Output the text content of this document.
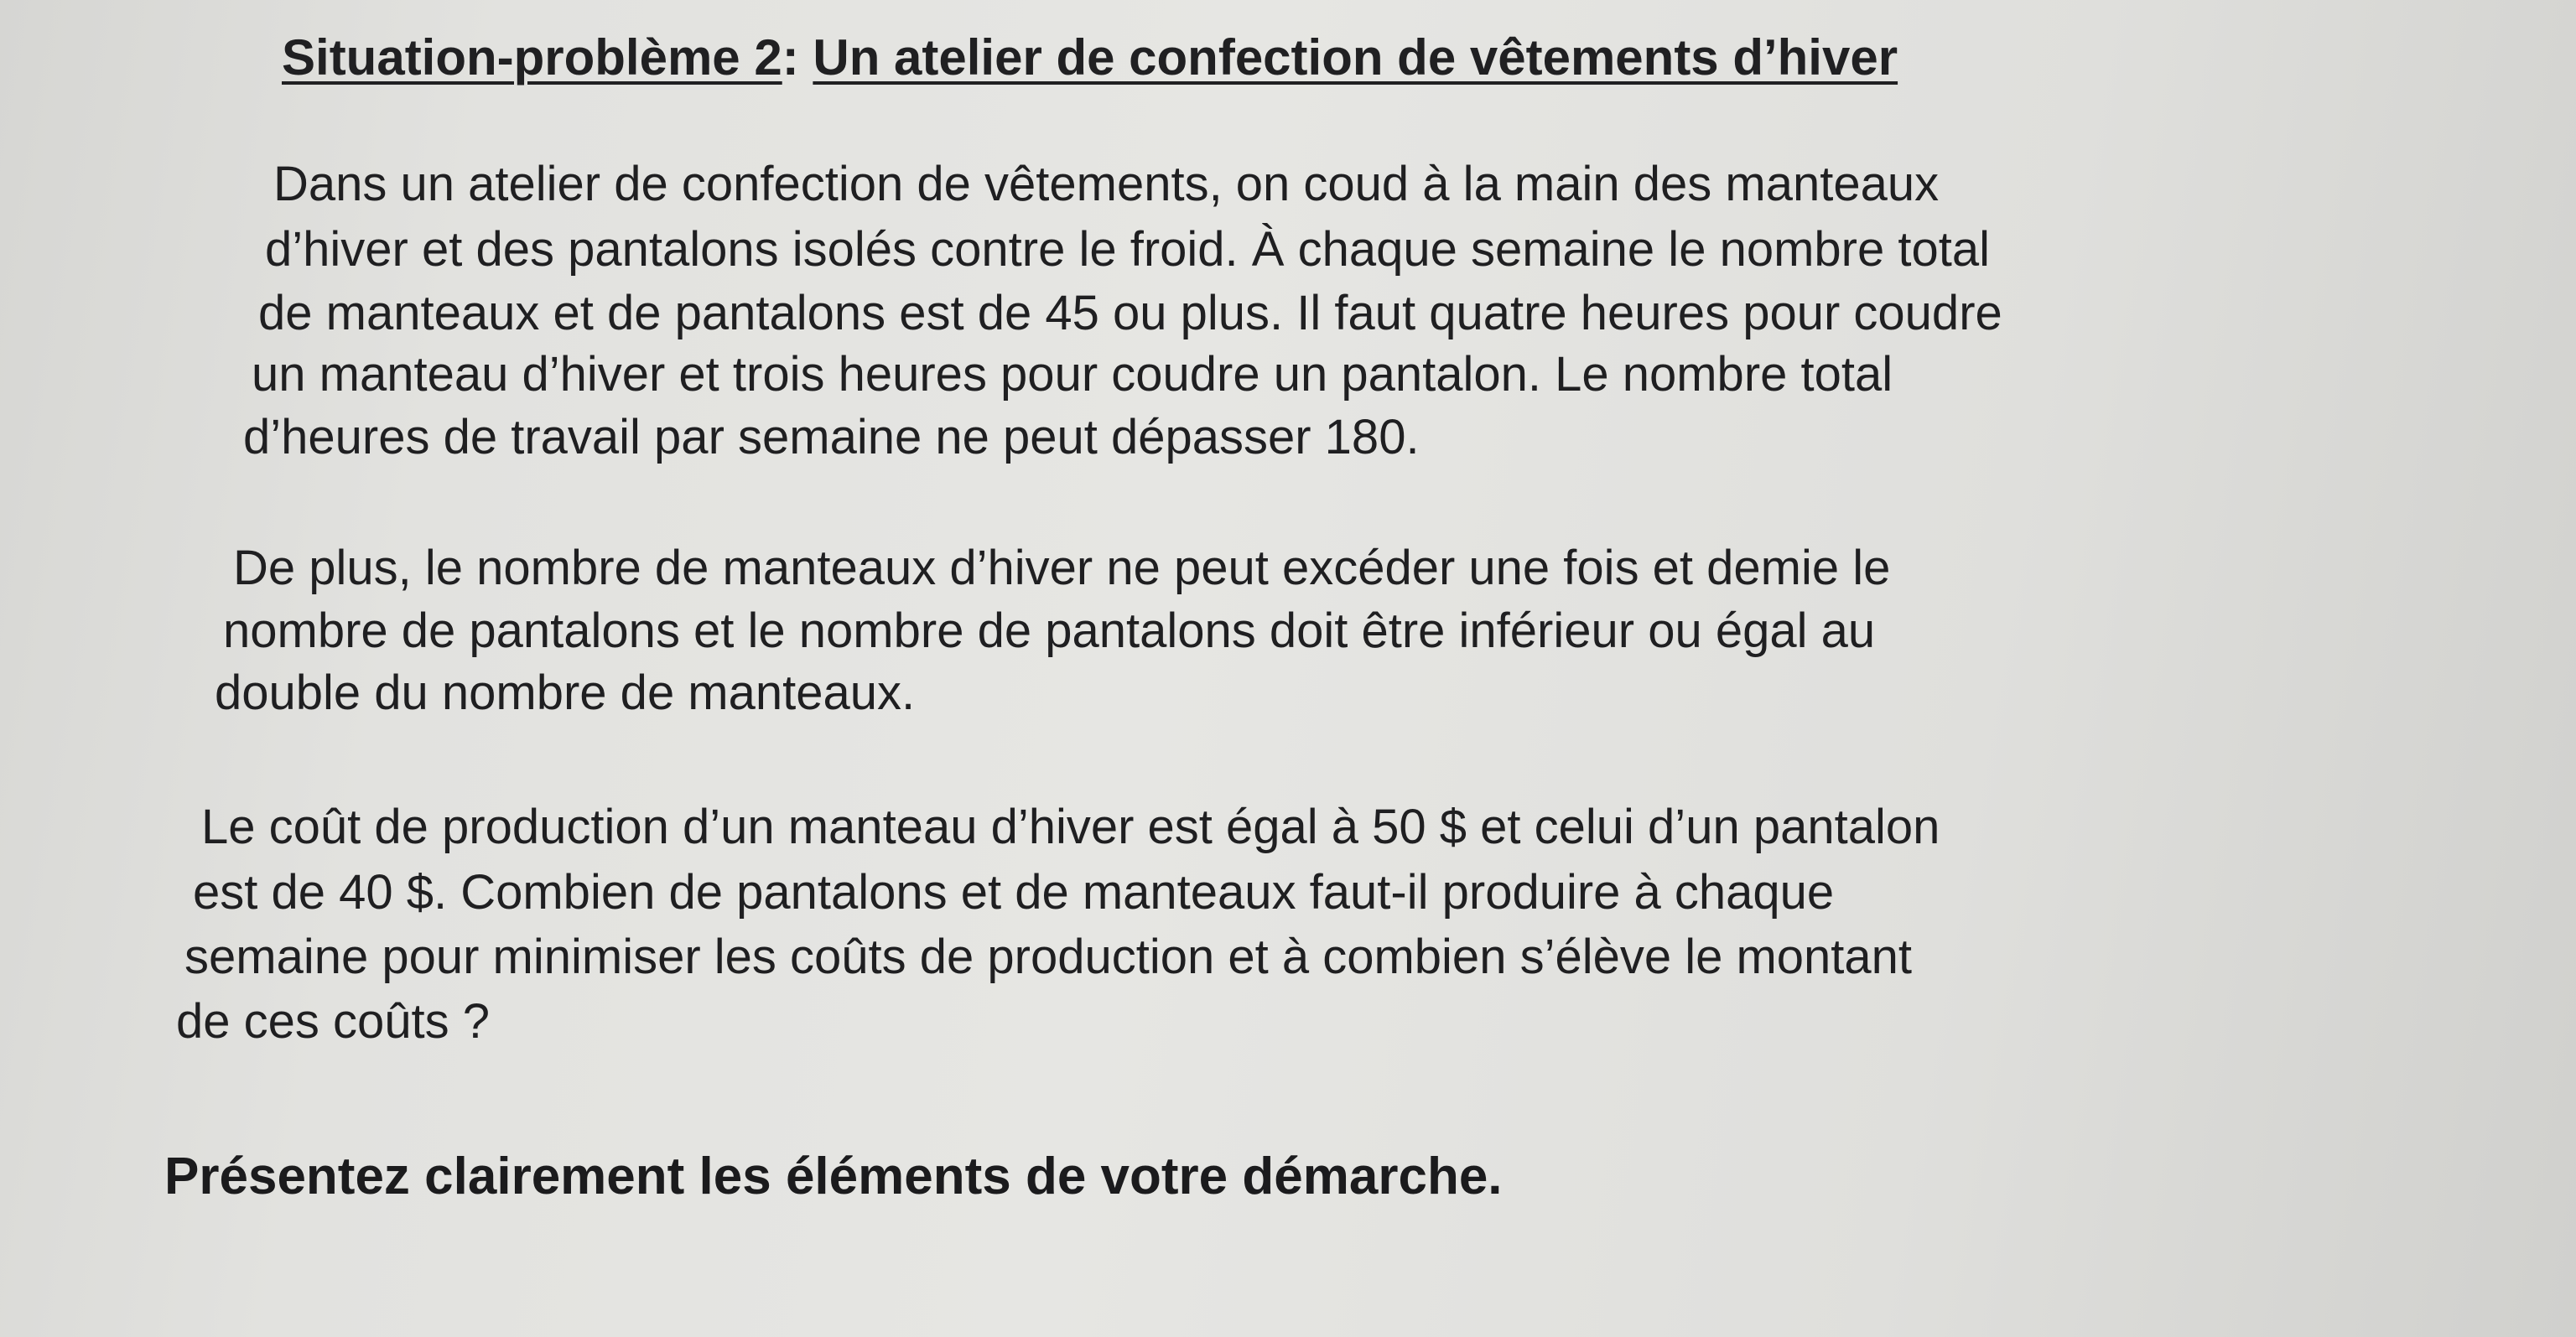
Situation-problème 2: Un atelier de confection de vêtements d’hiver
Dans un atelier de confection de vêtements, on coud à la main des manteaux
d’hiver et des pantalons isolés contre le froid. À chaque semaine le nombre total
de manteaux et de pantalons est de 45 ou plus. Il faut quatre heures pour coudre
un manteau d’hiver et trois heures pour coudre un pantalon. Le nombre total
d’heures de travail par semaine ne peut dépasser 180.
De plus, le nombre de manteaux d’hiver ne peut excéder une fois et demie le
nombre de pantalons et le nombre de pantalons doit être inférieur ou égal au
double du nombre de manteaux.
Le coût de production d’un manteau d’hiver est égal à 50 $ et celui d’un pantalon
est de 40 $. Combien de pantalons et de manteaux faut-il produire à chaque
semaine pour minimiser les coûts de production et à combien s’élève le montant
de ces coûts ?
Présentez clairement les éléments de votre démarche.
